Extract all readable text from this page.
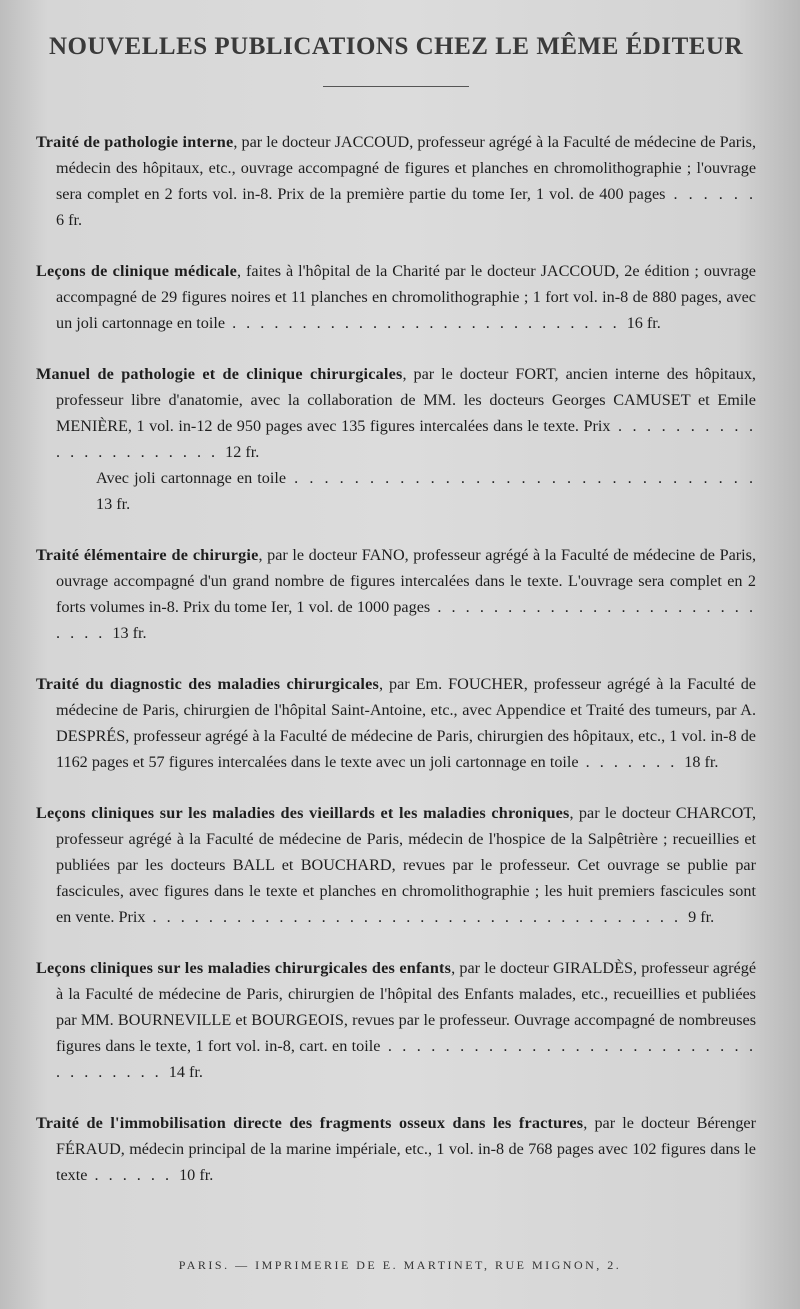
NOUVELLES PUBLICATIONS CHEZ LE MÊME ÉDITEUR

Traité de pathologie interne, par le docteur JACCOUD, professeur agrégé à la Faculté de médecine de Paris, médecin des hôpitaux, etc., ouvrage accompagné de figures et planches en chromolithographie ; l'ouvrage sera complet en 2 forts vol. in-8. Prix de la première partie du tome Ier, 1 vol. de 400 pages . . . . . . 6 fr.

Leçons de clinique médicale, faites à l'hôpital de la Charité par le docteur JACCOUD, 2e édition ; ouvrage accompagné de 29 figures noires et 11 planches en chromolithographie ; 1 fort vol. in-8 de 880 pages, avec un joli cartonnage en toile . . . . . . . . . . . . . . . . . . . . . . . . . . . . 16 fr.

Manuel de pathologie et de clinique chirurgicales, par le docteur FORT, ancien interne des hôpitaux, professeur libre d'anatomie, avec la collaboration de MM. les docteurs Georges CAMUSET et Emile MENIÈRE, 1 vol. in-12 de 950 pages avec 135 figures intercalées dans le texte. Prix . . . . . . . . . . . . . . . . . . . . . . 12 fr.
Avec joli cartonnage en toile . . . . . . . . . . . . . . . . . . . . . . . . . . . . . . . 13 fr.

Traité élémentaire de chirurgie, par le docteur FANO, professeur agrégé à la Faculté de médecine de Paris, ouvrage accompagné d'un grand nombre de figures intercalées dans le texte. L'ouvrage sera complet en 2 forts volumes in-8. Prix du tome Ier, 1 vol. de 1000 pages . . . . . . . . . . . . . . . . . . . . . . . . . . . 13 fr.

Traité du diagnostic des maladies chirurgicales, par Em. FOUCHER, professeur agrégé à la Faculté de médecine de Paris, chirurgien de l'hôpital Saint-Antoine, etc., avec Appendice et Traité des tumeurs, par A. DESPRÉS, professeur agrégé à la Faculté de médecine de Paris, chirurgien des hôpitaux, etc., 1 vol. in-8 de 1162 pages et 57 figures intercalées dans le texte avec un joli cartonnage en toile . . . . . . . 18 fr.

Leçons cliniques sur les maladies des vieillards et les maladies chroniques, par le docteur CHARCOT, professeur agrégé à la Faculté de médecine de Paris, médecin de l'hospice de la Salpêtrière ; recueillies et publiées par les docteurs BALL et BOUCHARD, revues par le professeur. Cet ouvrage se publie par fascicules, avec figures dans le texte et planches en chromolithographie ; les huit premiers fascicules sont en vente. Prix . . . . . . . . . . . . . . . . . . . . . . . . . . . . . . . . . . . . . . 9 fr.

Leçons cliniques sur les maladies chirurgicales des enfants, par le docteur GIRALDÈS, professeur agrégé à la Faculté de médecine de Paris, chirurgien de l'hôpital des Enfants malades, etc., recueillies et publiées par MM. BOURNEVILLE et BOURGEOIS, revues par le professeur. Ouvrage accompagné de nombreuses figures dans le texte, 1 fort vol. in-8, cart. en toile . . . . . . . . . . . . . . . . . . . . . . . . . . . . . . . . . . 14 fr.

Traité de l'immobilisation directe des fragments osseux dans les fractures, par le docteur Bérenger FÉRAUD, médecin principal de la marine impériale, etc., 1 vol. in-8 de 768 pages avec 102 figures dans le texte . . . . . . 10 fr.

PARIS. — IMPRIMERIE DE E. MARTINET, RUE MIGNON, 2.
